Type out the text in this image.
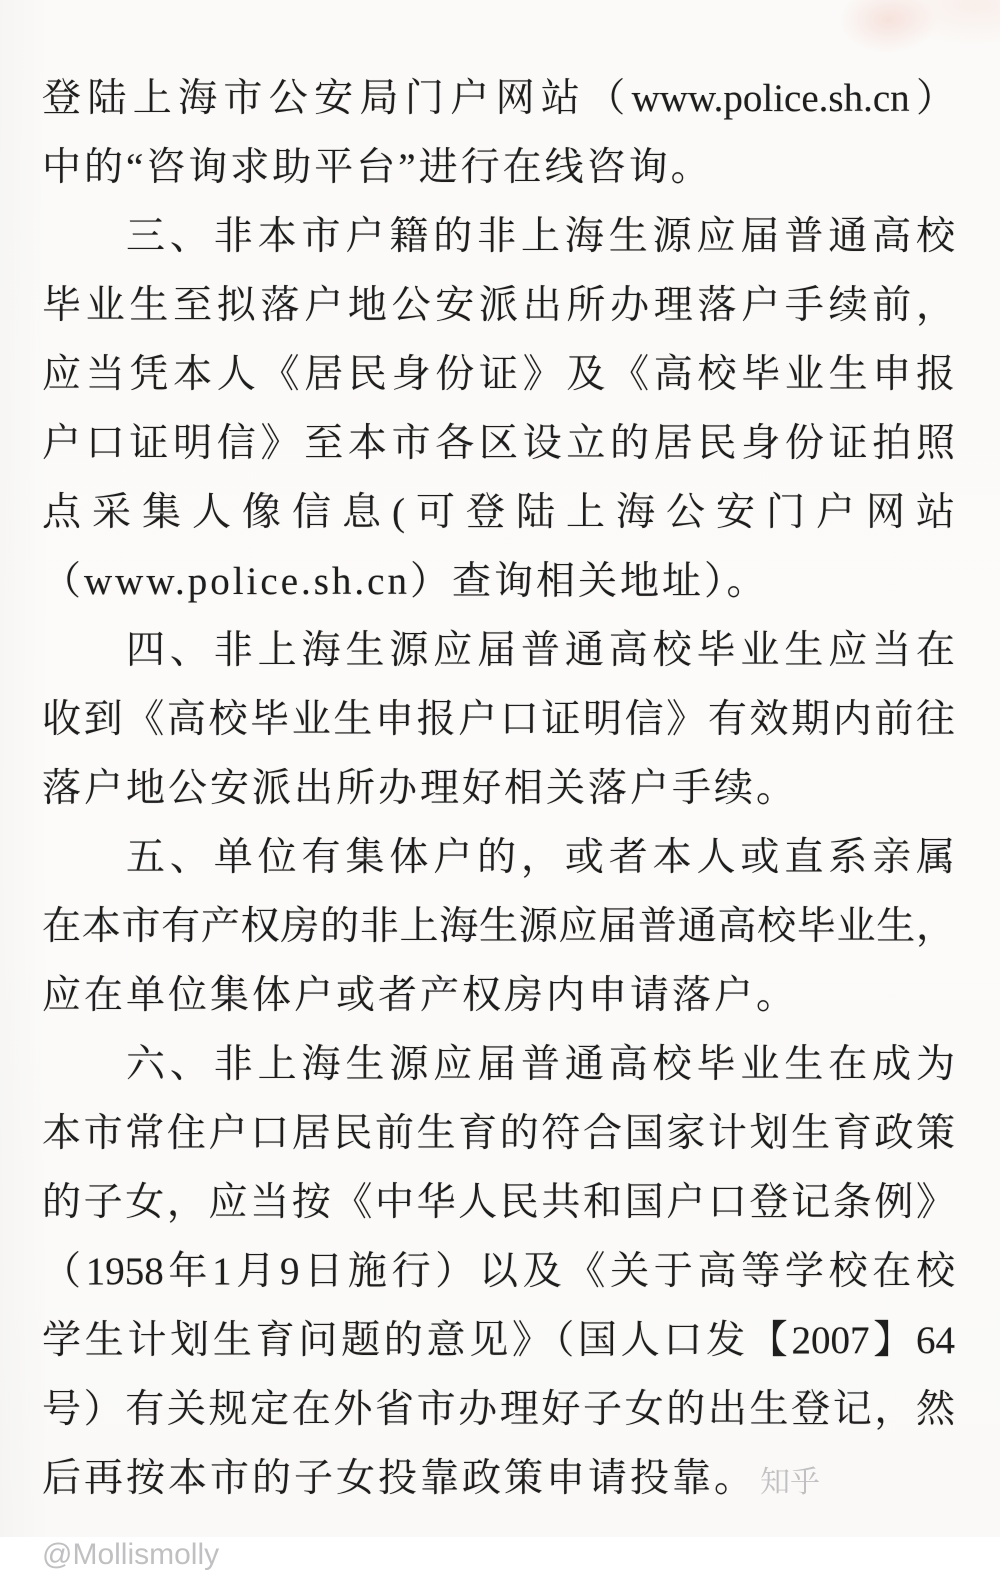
登陆上海市公安局门户网站（www.police.sh.cn）
中的“咨询求助平台”进行在线咨询。
三、非本市户籍的非上海生源应届普通高校
毕业生至拟落户地公安派出所办理落户手续前，
应当凭本人《居民身份证》及《高校毕业生申报
户口证明信》至本市各区设立的居民身份证拍照
点采集人像信息(可登陆上海公安门户网站
（www.police.sh.cn）查询相关地址）。
四、非上海生源应届普通高校毕业生应当在
收到《高校毕业生申报户口证明信》有效期内前往
落户地公安派出所办理好相关落户手续。
五、单位有集体户的，或者本人或直系亲属
在本市有产权房的非上海生源应届普通高校毕业生，
应在单位集体户或者产权房内申请落户。
六、非上海生源应届普通高校毕业生在成为
本市常住户口居民前生育的符合国家计划生育政策
的子女，应当按《中华人民共和国户口登记条例》
（1958年1月9日施行）以及《关于高等学校在校
学生计划生育问题的意见》（国人口发【2007】64
号）有关规定在外省市办理好子女的出生登记，然
后再按本市的子女投靠政策申请投靠。 知乎 @Mollismolly
